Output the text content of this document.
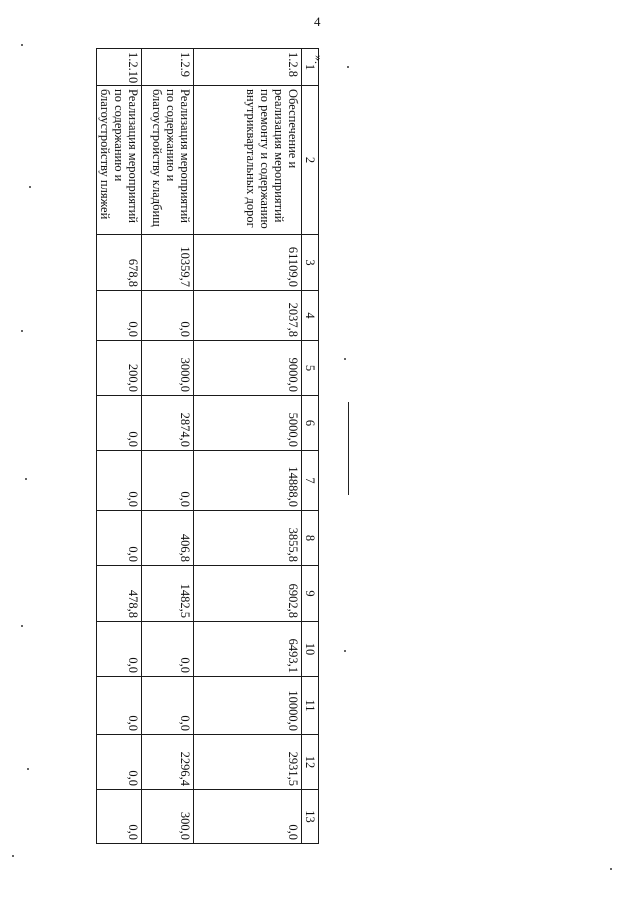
4
1	2	3	4	5	6	7	8	9	10	11	12	13
1.2.8	Обеспечение и реализация мероприятий по ремонту и содержанию внутриквартальных дорог	61109,0	2037,8	9000,0	5000,0	14888,0	3855,8	6902,8	6493,1	10000,0	2931,5	0,0
1.2.9	Реализация мероприятий по содержанию и благоустройству кладбищ	10359,7	0,0	3000,0	2874,0	0,0	406,8	1482,5	0,0	0,0	2296,4	300,0
1.2.10	Реализация мероприятий по содержанию и благоустройству пляжей	678,8	0,0	200,0	0,0	0,0	0,0	478,8	0,0	0,0	0,0	0,0
».
